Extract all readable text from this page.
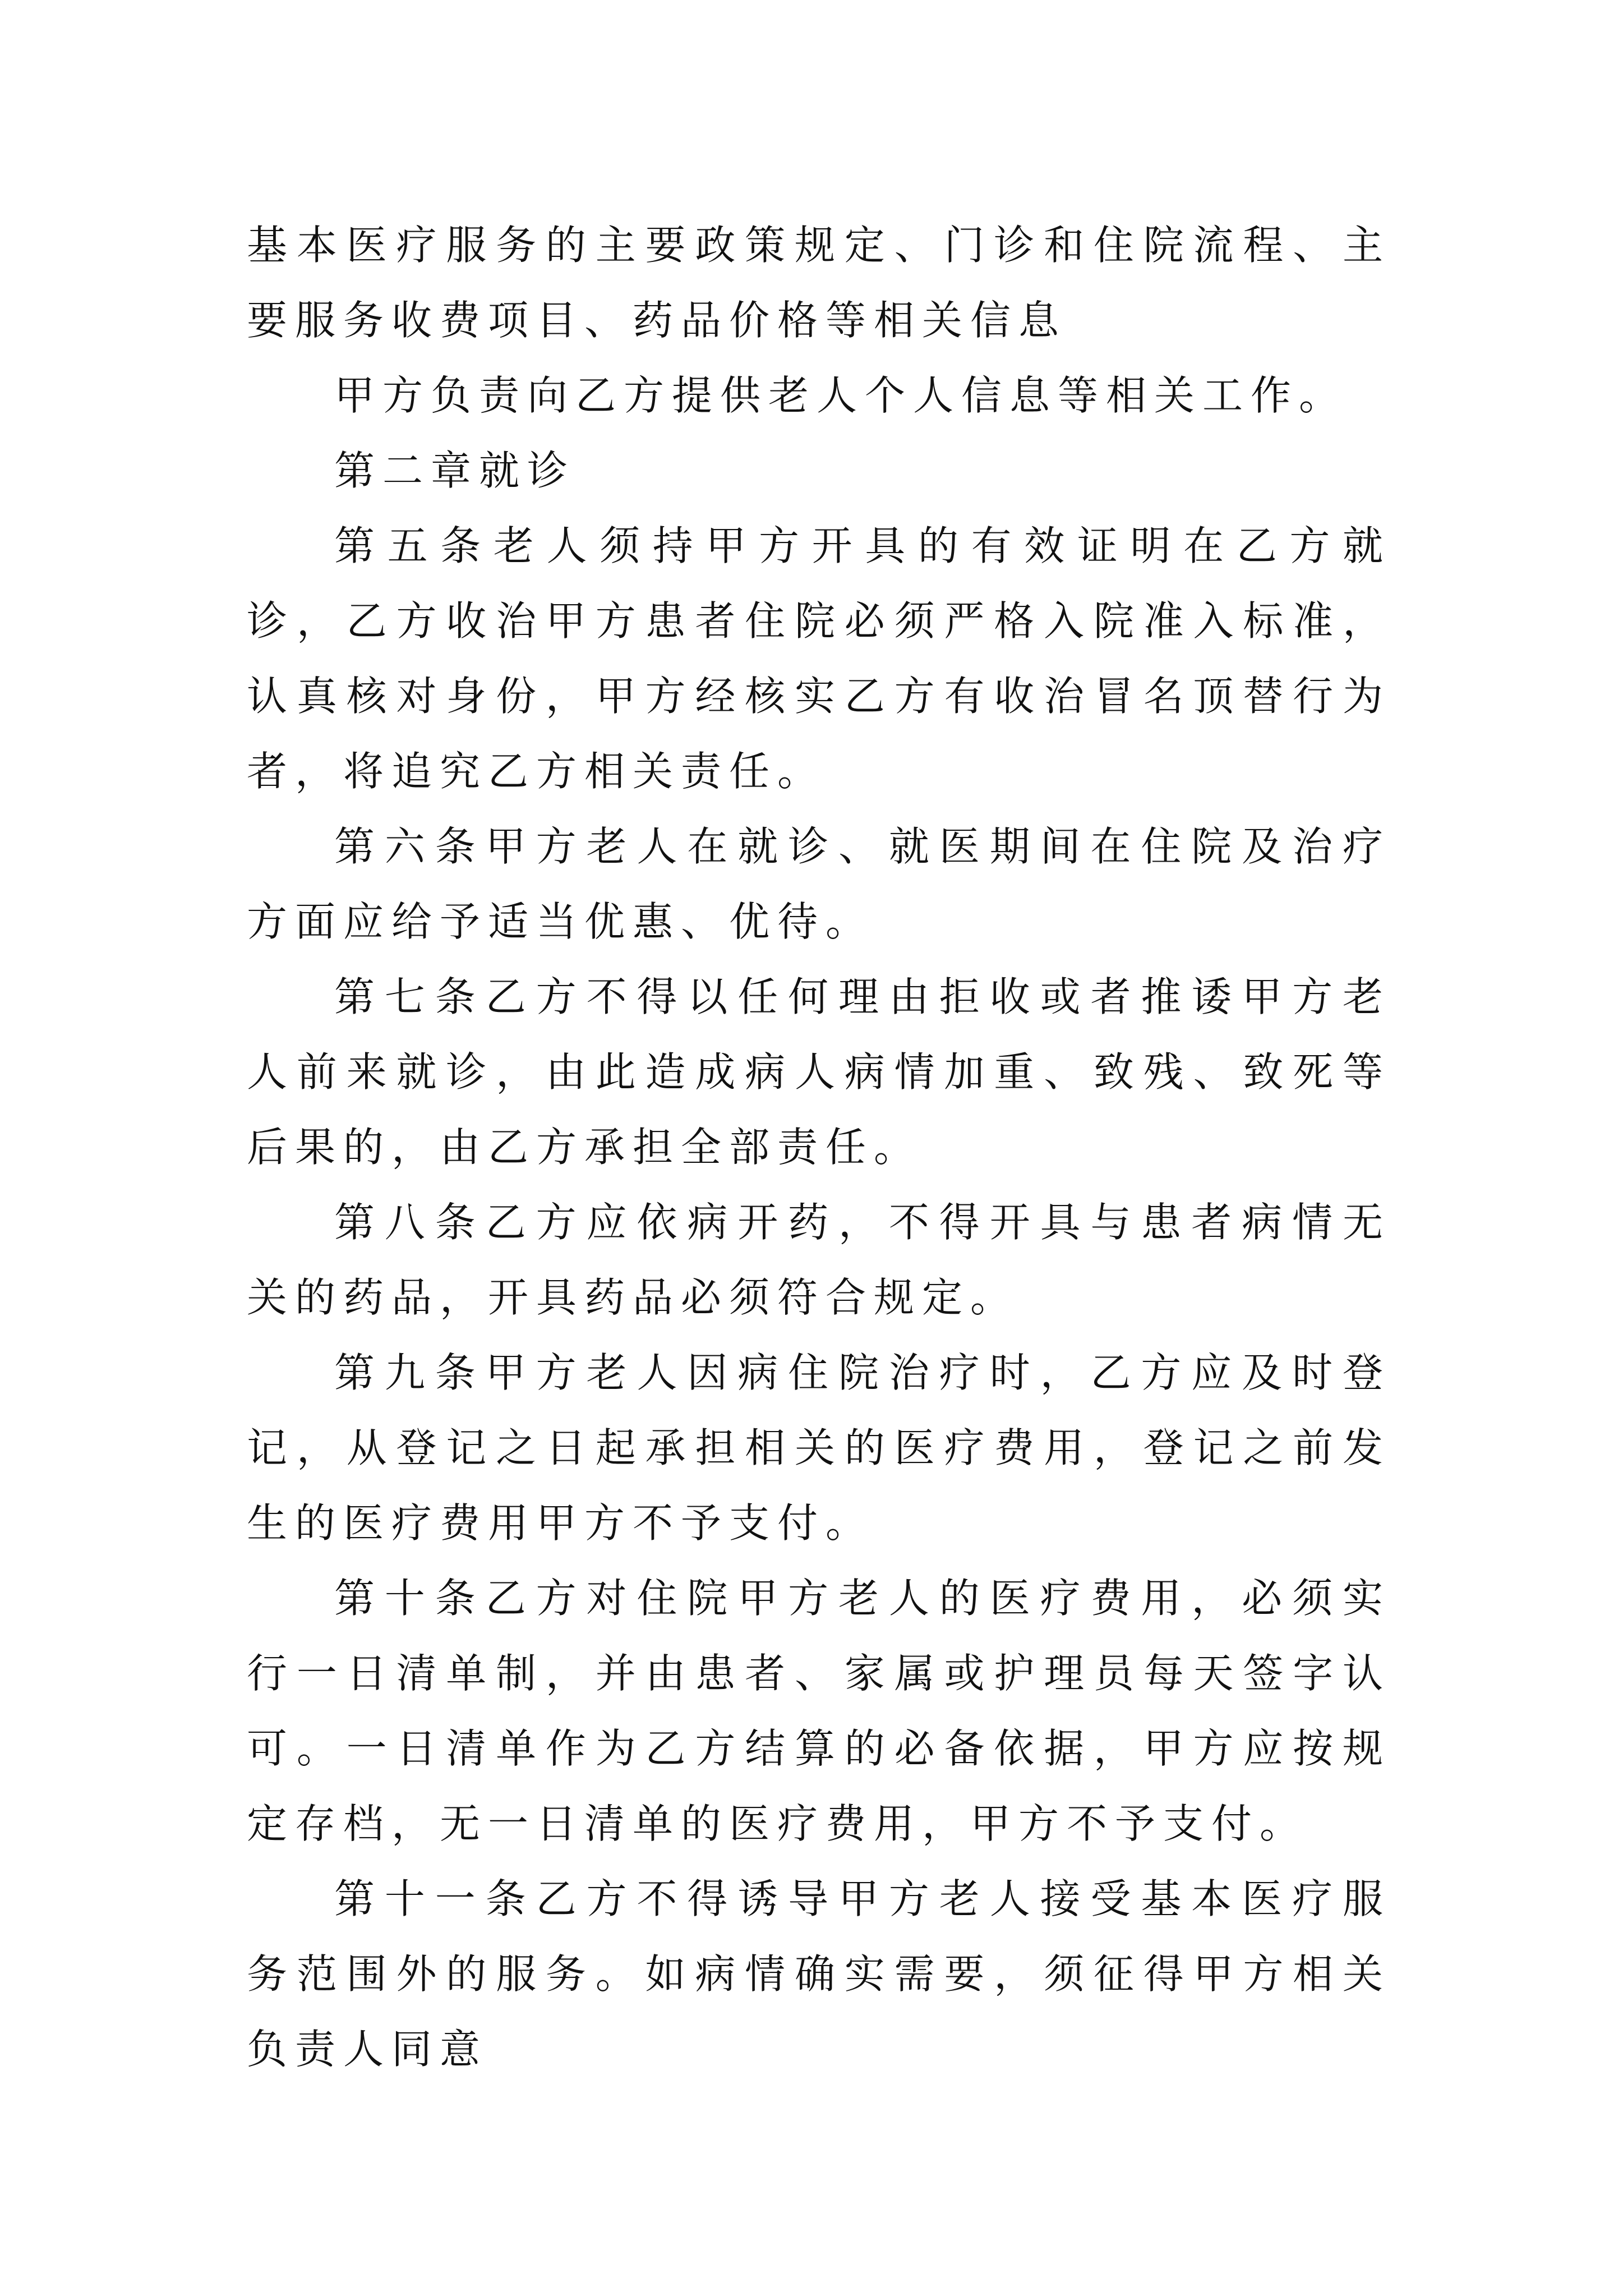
基本医疗服务的主要政策规定、门诊和住院流程、主要服务收费项目、药品价格等相关信息

甲方负责向乙方提供老人个人信息等相关工作。

第二章就诊

第五条老人须持甲方开具的有效证明在乙方就诊，乙方收治甲方患者住院必须严格入院准入标准，认真核对身份，甲方经核实乙方有收治冒名顶替行为者，将追究乙方相关责任。

第六条甲方老人在就诊、就医期间在住院及治疗方面应给予适当优惠、优待。

第七条乙方不得以任何理由拒收或者推诿甲方老人前来就诊，由此造成病人病情加重、致残、致死等后果的，由乙方承担全部责任。

第八条乙方应依病开药，不得开具与患者病情无关的药品，开具药品必须符合规定。

第九条甲方老人因病住院治疗时，乙方应及时登记，从登记之日起承担相关的医疗费用，登记之前发生的医疗费用甲方不予支付。

第十条乙方对住院甲方老人的医疗费用，必须实行一日清单制，并由患者、家属或护理员每天签字认可。一日清单作为乙方结算的必备依据，甲方应按规定存档，无一日清单的医疗费用，甲方不予支付。

第十一条乙方不得诱导甲方老人接受基本医疗服务范围外的服务。如病情确实需要，须征得甲方相关负责人同意
